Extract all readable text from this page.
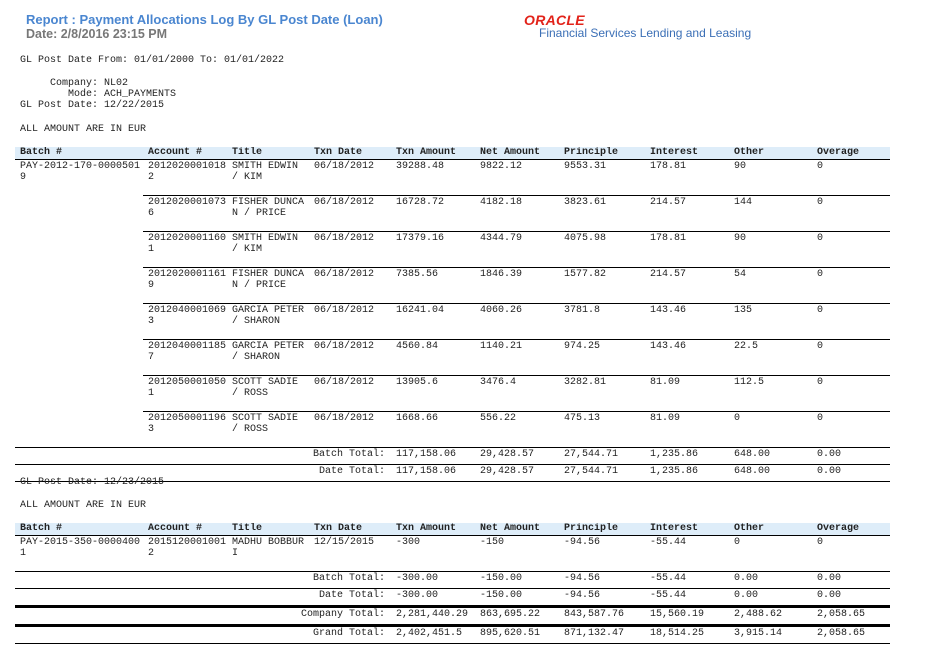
Report : Payment Allocations Log By GL Post Date (Loan)
Date: 2/8/2016 23:15 PM
ORACLE
Financial Services Lending and Leasing
GL Post Date From: 01/01/2000 To: 01/01/2022
Company: NL02
Mode: ACH_PAYMENTS
GL Post Date: 12/22/2015
ALL AMOUNT ARE IN EUR
Batch #	Account #	Title	Txn Date	Txn Amount	Net Amount	Principle	Interest	Other	Overage
PAY-2012-170-00005019	20120200010182	SMITH EDWIN / KIM	06/18/2012	39288.48	9822.12	9553.31	178.81	90	0
	20120200010736	FISHER DUNCAN / PRICE	06/18/2012	16728.72	4182.18	3823.61	214.57	144	0
	20120200011601	SMITH EDWIN / KIM	06/18/2012	17379.16	4344.79	4075.98	178.81	90	0
	20120200011619	FISHER DUNCAN / PRICE	06/18/2012	7385.56	1846.39	1577.82	214.57	54	0
	20120400010693	GARCIA PETER / SHARON	06/18/2012	16241.04	4060.26	3781.8	143.46	135	0
	20120400011857	GARCIA PETER / SHARON	06/18/2012	4560.84	1140.21	974.25	143.46	22.5	0
	20120500010501	SCOTT SADIE / ROSS	06/18/2012	13905.6	3476.4	3282.81	81.09	112.5	0
	20120500011963	SCOTT SADIE / ROSS	06/18/2012	1668.66	556.22	475.13	81.09	0	0
Batch Total:				117,158.06	29,428.57	27,544.71	1,235.86	648.00	0.00
Date Total:				117,158.06	29,428.57	27,544.71	1,235.86	648.00	0.00
GL Post Date: 12/23/2015
ALL AMOUNT ARE IN EUR
Batch #	Account #	Title	Txn Date	Txn Amount	Net Amount	Principle	Interest	Other	Overage
PAY-2015-350-00004001	20151200010012	MADHU BOBBURI	12/15/2015	-300	-150	-94.56	-55.44	0	0
Batch Total:				-300.00	-150.00	-94.56	-55.44	0.00	0.00
Date Total:				-300.00	-150.00	-94.56	-55.44	0.00	0.00
Company Total:				2,281,440.29	863,695.22	843,587.76	15,560.19	2,488.62	2,058.65
Grand Total:				2,402,451.5	895,620.51	871,132.47	18,514.25	3,915.14	2,058.65
